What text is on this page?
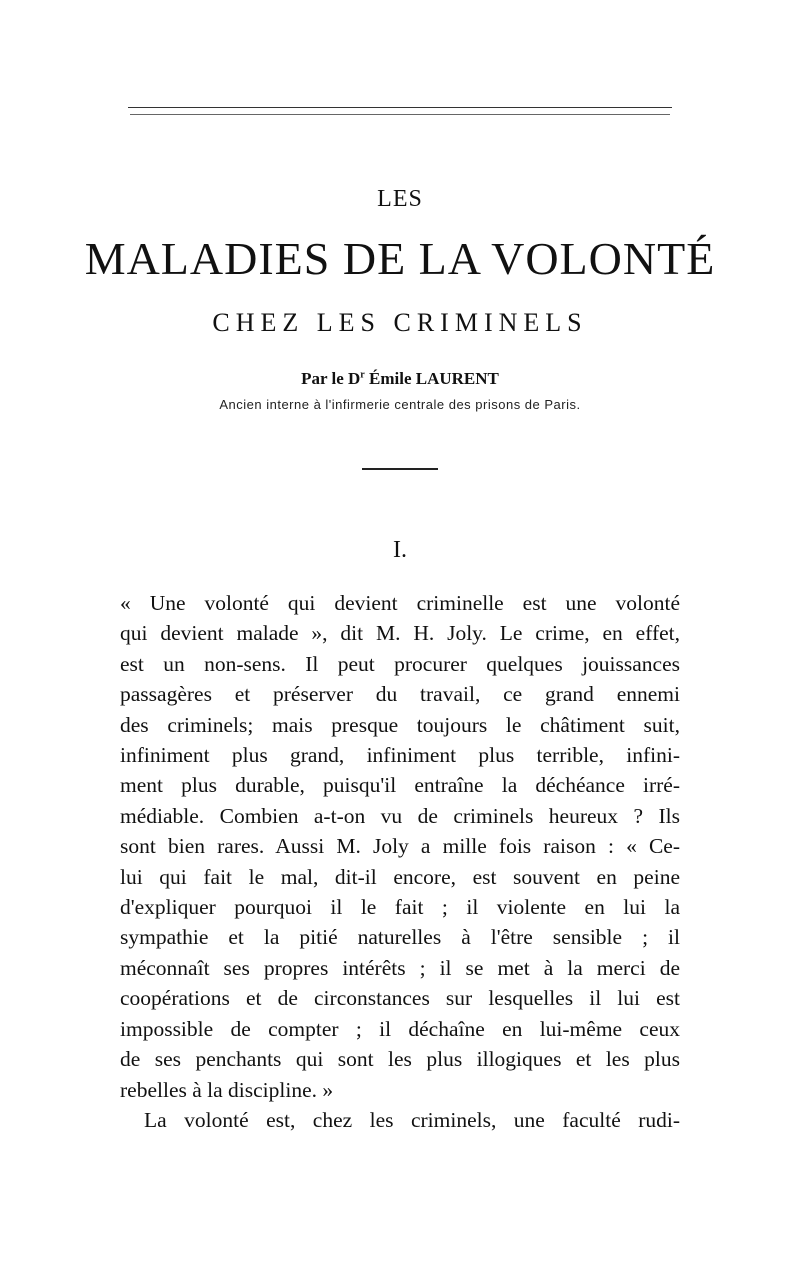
LES
MALADIES DE LA VOLONTÉ
CHEZ LES CRIMINELS
Par le $D^r$ Émile LAURENT
Ancien interne à l'infirmerie centrale des prisons de Paris.
I.
« Une volonté qui devient criminelle est une volonté
qui devient malade », dit M. H. Joly. Le crime, en effet,
est un non-sens. Il peut procurer quelques jouissances
passagères et préserver du travail, ce grand ennemi
des criminels; mais presque toujours le châtiment suit,
infiniment plus grand, infiniment plus terrible, infini-
ment plus durable, puisqu'il entraîne la déchéance irré-
médiable. Combien a-t-on vu de criminels heureux ? Ils
sont bien rares. Aussi M. Joly a mille fois raison : « Ce-
lui qui fait le mal, dit-il encore, est souvent en peine
d'expliquer pourquoi il le fait ; il violente en lui la
sympathie et la pitié naturelles à l'être sensible ; il
méconnaît ses propres intérêts ; il se met à la merci de
coopérations et de circonstances sur lesquelles il lui est
impossible de compter ; il déchaîne en lui-même ceux
de ses penchants qui sont les plus illogiques et les plus
rebelles à la discipline. »
La volonté est, chez les criminels, une faculté rudi-
